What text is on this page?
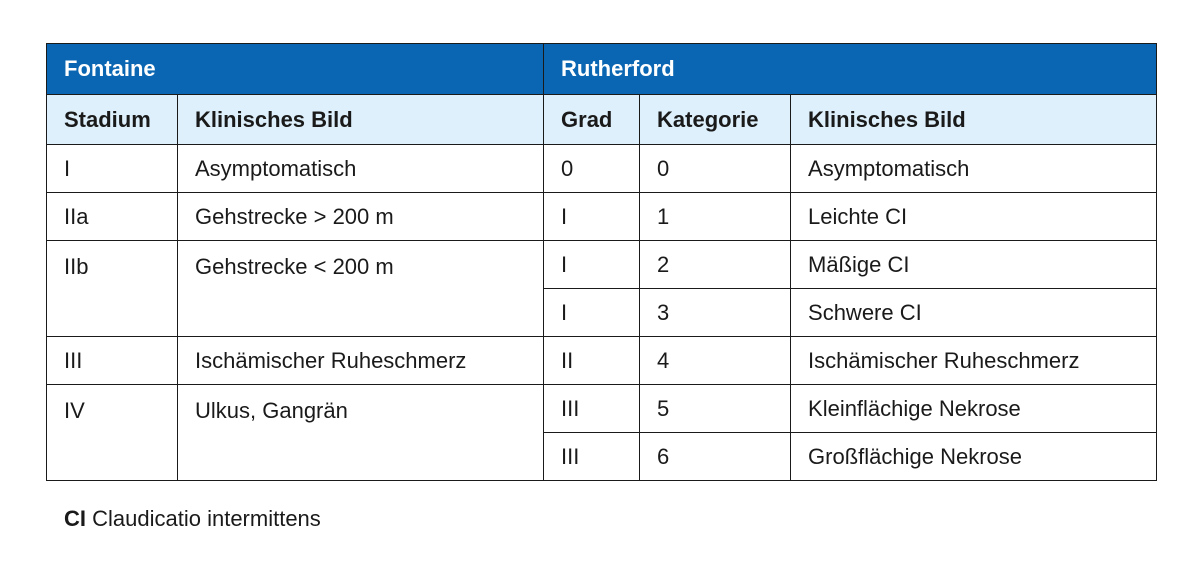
Fontaine		Rutherford		
Stadium	Klinisches Bild	Grad	Kategorie	Klinisches Bild
I	Asymptomatisch	0	0	Asymptomatisch
IIa	Gehstrecke > 200 m	I	1	Leichte CI
IIb	Gehstrecke < 200 m	I	2	Mäßige CI
		I	3	Schwere CI
III	Ischämischer Ruheschmerz	II	4	Ischämischer Ruheschmerz
IV	Ulkus, Gangrän	III	5	Kleinflächige Nekrose
		III	6	Großflächige Nekrose
CI Claudicatio intermittens
